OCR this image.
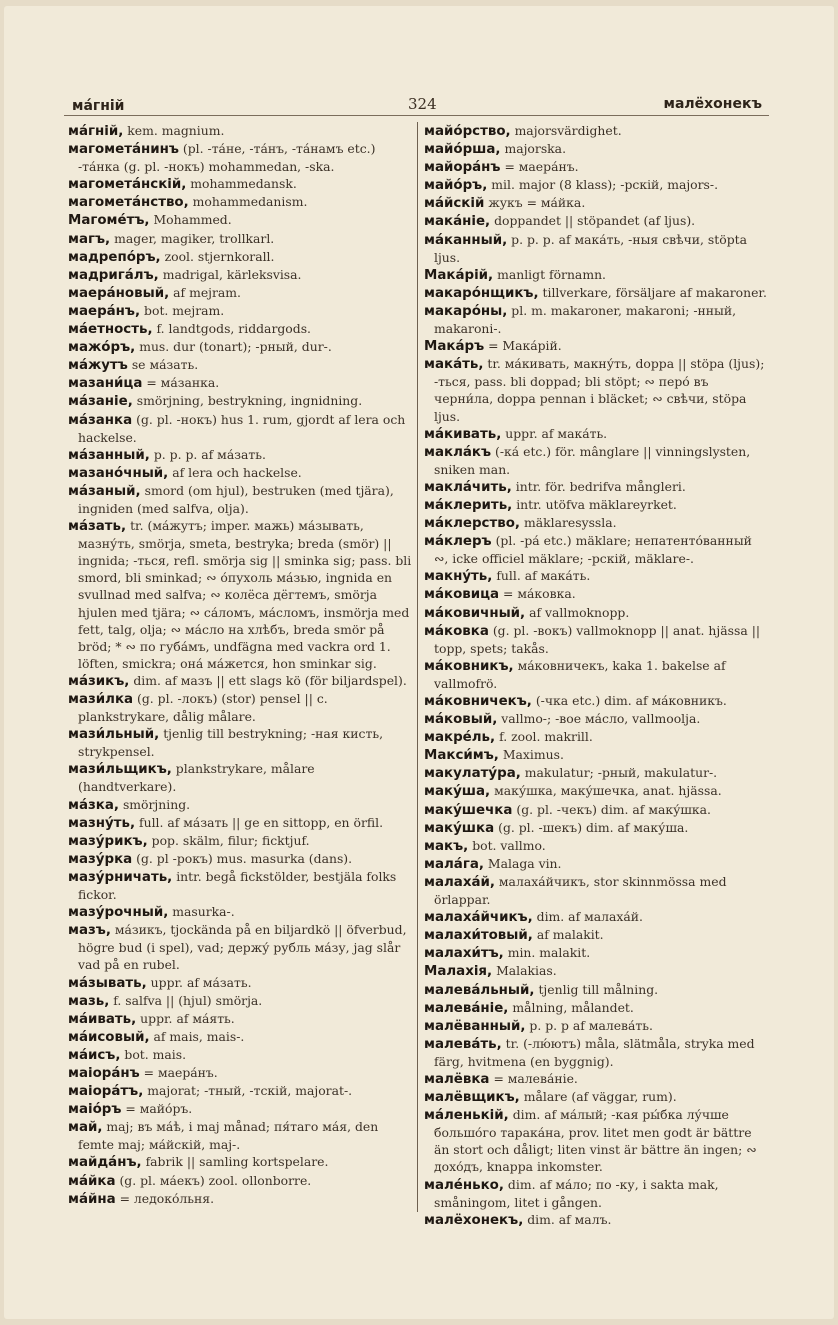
ма́гній	324	малёхонекъ
ма́гній, kem. magnium.
магомета́нинъ (pl. -та́не, -та́нъ, -та́намъ etc.) -та́нка (g. pl. -нокъ) mohammedan, -ska.
магомета́нскій, mohammedansk.
магомета́нство, mohammedanism.
Магоме́тъ, Mohammed.
магъ, mager, magiker, trollkarl.
мадрепо́ръ, zool. stjernkorall.
мадрига́лъ, madrigal, kärleksvisa.
маера́новый, af mejram.
маера́нъ, bot. mejram.
ма́етность, f. landtgods, riddargods.
мажо́ръ, mus. dur (tonart); -рный, dur-.
ма́жутъ se ма́зать.
мазани́ца = ма́занка.
ма́заніе, smörjning, bestrykning, ingnidning.
ма́занка (g. pl. -нокъ) hus 1. rum, gjordt af lera och hackelse.
ма́занный, p. p. p. af ма́зать.
мазано́чный, af lera och hackelse.
ма́заный, smord (om hjul), bestruken (med tjära), ingniden (med salfva, olja).
ма́зать, tr. (ма́жутъ; imper. мажь) ма́зывать, мазну́ть, smörja, smeta, bestryka; breda (smör) || ingnida; -ться, refl. smörja sig || sminka sig; pass. bli smord, bli sminkad; ∾ о́пухоль ма́зью, ingnida en svullnad med salfva; ∾ колёса дёгтемъ, smörja hjulen med tjära; ∾ са́ломъ, ма́сломъ, insmörja med fett, talg, olja; ∾ ма́сло на хлѣбъ, breda smör på bröd; * ∾ по губа́мъ, undfägna med vackra ord 1. löften, smickra; она́ ма́жется, hon sminkar sig.
ма́зикъ, dim. af мазъ || ett slags kö (för biljardspel).
мази́лка (g. pl. -локъ) (stor) pensel || c. plankstrykare, dålig målare.
мази́льный, tjenlig till bestrykning; -ная кисть, strykpensel.
мази́льщикъ, plankstrykare, målare (handtverkare).
ма́зка, smörjning.
мазну́ть, full. af ма́зать || ge en sittopp, en örfil.
мазу́рикъ, pop. skälm, filur; ficktjuf.
мазу́рка (g. pl -рокъ) mus. masurka (dans).
мазу́рничать, intr. begå fickstölder, bestjäla folks fickor.
мазу́рочный, masurka-.
мазъ, ма́зикъ, tjockända på en biljardkö || öfverbud, högre bud (i spel), vad; держу́ рубль ма́зу, jag slår vad på en rubel.
ма́зывать, uppr. af ма́зать.
мазь, f. salfva || (hjul) smörja.
ма́ивать, uppr. af ма́ять.
ма́исовый, af mais, mais-.
ма́исъ, bot. mais.
маіора́нъ = маера́нъ.
маіора́тъ, majorat; -тный, -тскій, majorat-.
маіо́ръ = майо́ръ.
май, maj; въ ма́ѣ, i maj månad; пя́таго ма́я, den femte maj; ма́йскій, maj-.
майда́нъ, fabrik || samling kortspelare.
ма́йка (g. pl. ма́екъ) zool. ollonborre.
ма́йна = ледоко́льня.
майо́рство, majorsvärdighet.
майо́рша, majorska.
майора́нъ = маера́нъ.
майо́ръ, mil. major (8 klass); -рскій, majors-.
ма́йскій жукъ = ма́йка.
мака́ніе, doppandet || stöpandet (af ljus).
ма́канный, p. p. p. af мака́ть, -ныя свѣчи, stöpta ljus.
Мака́рій, manligt förnamn.
макаро́нщикъ, tillverkare, försäljare af makaroner.
макаро́ны, pl. m. makaroner, makaroni; -нный, makaroni-.
Мака́ръ = Мака́рій.
мака́ть, tr. ма́кивать, макну́ть, doppa || stöpa (ljus); -ться, pass. bli doppad; bli stöpt; ∾ перо́ въ черни́ла, doppa pennan i bläcket; ∾ свѣчи, stöpa ljus.
ма́кивать, uppr. af мака́ть.
макла́къ (-ка́ etc.) för. mânglare || vinningslysten, sniken man.
макла́чить, intr. för. bedrifva månglеri.
ма́клерить, intr. utöfva mäklareyrket.
ма́клерство, mäklaresyssla.
ма́клеръ (pl. -ра́ etc.) mäklare; непатенто́ванный ∾, icke officiel mäklare; -рскій, mäklare-.
макну́ть, full. af мака́ть.
ма́ковица = ма́ковка.
ма́ковичный, af vallmoknopp.
ма́ковка (g. pl. -вокъ) vallmoknopp || anat. hjässa || topp, spets; takås.
ма́ковникъ, ма́ковничекъ, kaka 1. bakelse af vallmofrö.
ма́ковничекъ, (-чка etc.) dim. af ма́ковникъ.
ма́ковый, vallmo-; -вое ма́сло, vallmoolja.
макре́ль, f. zool. makrill.
Макси́мъ, Maximus.
макулату́ра, makulatur; -рный, makulatur-.
маку́ша, маку́шка, маку́шечка, anat. hjässa.
маку́шечка (g. pl. -чекъ) dim. af маку́шка.
маку́шка (g. pl. -шекъ) dim. af маку́ша.
макъ, bot. vallmo.
мала́га, Malaga vin.
малаха́й, малаха́йчикъ, stor skinnmössa med örlappar.
малаха́йчикъ, dim. af малаха́й.
малахи́товый, af malakit.
малахи́тъ, min. malakit.
Малахія, Malakias.
малева́льный, tjenlig till målning.
малева́ніе, målning, målandet.
малёванный, p. p. p af малева́ть.
малева́ть, tr. (-лю́ютъ) måla, slätmåla, stryka med färg, hvitmena (en byggnig).
малёвка = малева́ніе.
малёвщикъ, målare (af väggar, rum).
ма́ленькій, dim. af ма́лый; -кая ры́бка лу́чше большо́го тарака́на, prov. litet men godt är bättre än stort och dåligt; liten vinst är bättre än ingen; ∾ дохо́дъ, knappa inkomster.
мале́нько, dim. af ма́ло; по -ку, i sakta mak, småningom, litet i gången.
малёхонекъ, dim. af малъ.
